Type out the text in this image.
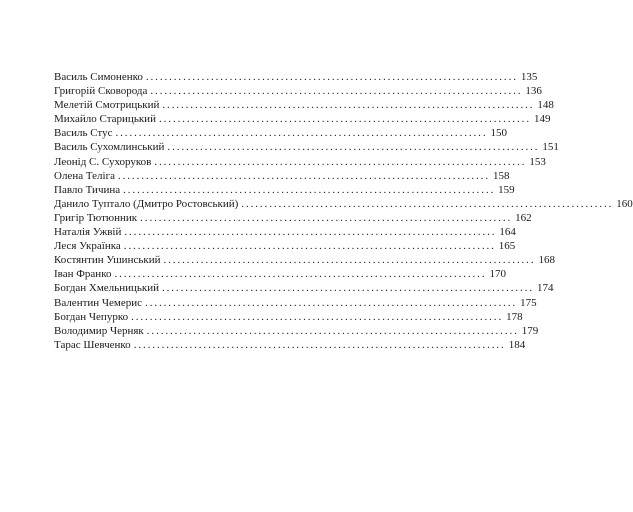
Василь Симоненко ................................................................................ 135
Григорій Сковорода ................................................................................ 136
Мелетій Смотрицький ................................................................................ 148
Михайло Старицький ................................................................................ 149
Василь Стус ................................................................................ 150
Василь Сухомлинський ................................................................................ 151
Леонід С. Сухоруков ................................................................................ 153
Олена Теліга ................................................................................ 158
Павло Тичина ................................................................................ 159
Данило Туптало (Дмитро Ростовський) ................................................................................ 160
Григір Тютюнник ................................................................................ 162
Наталія Ужвій ................................................................................ 164
Леся Українка ................................................................................ 165
Костянтин Ушинський ................................................................................ 168
Іван Франко ................................................................................ 170
Богдан Хмельницький ................................................................................ 174
Валентин Чемерис ................................................................................ 175
Богдан Чепурко ................................................................................ 178
Володимир Черняк ................................................................................ 179
Тарас Шевченко ................................................................................ 184
